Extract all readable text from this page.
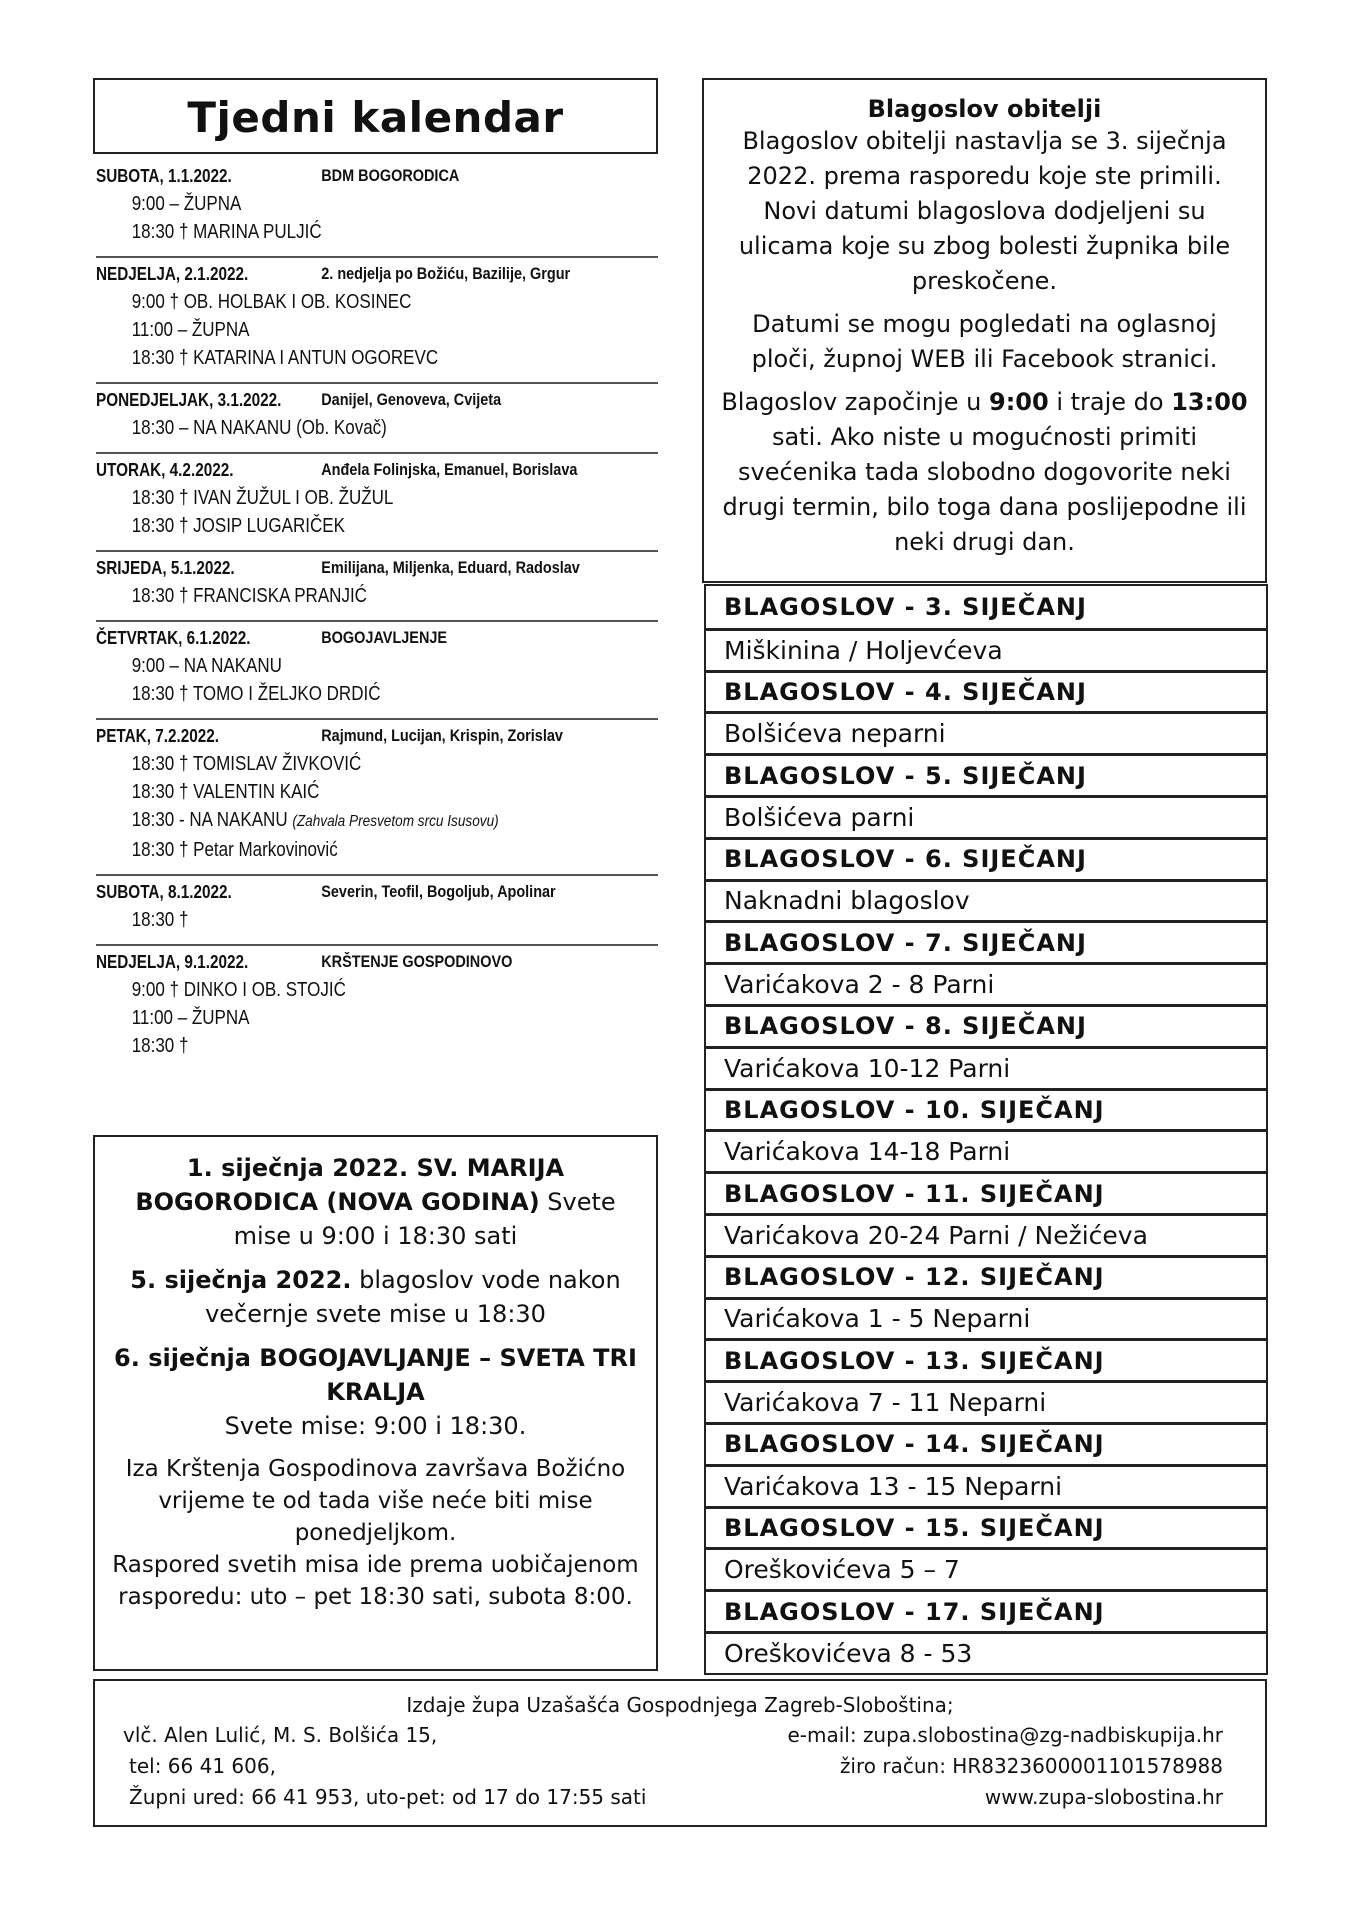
Tjedni kalendar
SUBOTA, 1.1.2022.	BDM BOGORODICA
9:00 – ŽUPNA
18:30 † MARINA PULJIĆ
NEDJELJA, 2.1.2022.	2. nedjelja po Božiću, Bazilije, Grgur
9:00 † OB. HOLBAK I OB. KOSINEC
11:00 – ŽUPNA
18:30 † KATARINA I ANTUN OGOREVC
PONEDJELJAK, 3.1.2022. Danijel, Genoveva, Cvijeta
18:30 – NA NAKANU (Ob. Kovač)
UTORAK, 4.2.2022.	Anđela Folinjska, Emanuel, Borislava
18:30 † IVAN ŽUŽUL I OB. ŽUŽUL
18:30 † JOSIP LUGARIČEK
SRIJEDA, 5.1.2022.	Emilijana, Miljenka, Eduard, Radoslav
18:30 † FRANCISKA PRANJIĆ
ČETVRTAK, 6.1.2022.	BOGOJAVLJENJE
9:00 – NA NAKANU
18:30 † TOMO I ŽELJKO DRDIĆ
PETAK, 7.2.2022.	Rajmund, Lucijan, Krispin, Zorislav
18:30 † TOMISLAV ŽIVKOVIĆ
18:30 † VALENTIN KAIĆ
18:30 - NA NAKANU (Zahvala Presvetom srcu Isusovu)
18:30 † Petar Markovinović
SUBOTA, 8.1.2022.	Severin, Teofil, Bogoljub, Apolinar
18:30 †
NEDJELJA, 9.1.2022.	KRŠTENJE GOSPODINOVO
9:00 † DINKO I OB. STOJIĆ
11:00 – ŽUPNA
18:30 †

1. siječnja 2022. SV. MARIJA BOGORODICA (NOVA GODINA) Svete mise u 9:00 i 18:30 sati

5. siječnja 2022. blagoslov vode nakon večernje svete mise u 18:30

6. siječnja BOGOJAVLJANJE – SVETA TRI KRALJA

Svete mise: 9:00 i 18:30.

Iza Krštenja Gospodinova završava Božićno vrijeme te od tada više neće biti mise ponedjeljkom.

Raspored svetih misa ide prema uobičajenom rasporedu: uto – pet 18:30 sati, subota 8:00.

Blagoslov obitelji

Blagoslov obitelji nastavlja se 3. siječnja 2022. prema rasporedu koje ste primili. Novi datumi blagoslova dodjeljeni su ulicama koje su zbog bolesti župnika bile preskočene.

Datumi se mogu pogledati na oglasnoj ploči, župnoj WEB ili Facebook stranici.

Blagoslov započinje u 9:00 i traje do 13:00 sati. Ako niste u mogućnosti primiti svećenika tada slobodno dogovorite neki drugi termin, bilo toga dana poslijepodne ili neki drugi dan.

BLAGOSLOV - 3. SIJEČANJ
Miškinina / Holjevćeva
BLAGOSLOV - 4. SIJEČANJ
Bolšićeva neparni
BLAGOSLOV - 5. SIJEČANJ
Bolšićeva parni
BLAGOSLOV - 6. SIJEČANJ
Naknadni blagoslov
BLAGOSLOV - 7. SIJEČANJ
Varićakova 2 - 8 Parni
BLAGOSLOV - 8. SIJEČANJ
Varićakova 10-12 Parni
BLAGOSLOV - 10. SIJEČANJ
Varićakova 14-18 Parni
BLAGOSLOV - 11. SIJEČANJ
Varićakova 20-24 Parni / Nežićeva
BLAGOSLOV - 12. SIJEČANJ
Varićakova 1 - 5 Neparni
BLAGOSLOV - 13. SIJEČANJ
Varićakova 7 - 11 Neparni
BLAGOSLOV - 14. SIJEČANJ
Varićakova 13 - 15 Neparni
BLAGOSLOV - 15. SIJEČANJ
Oreškovićeva 5 – 7
BLAGOSLOV - 17. SIJEČANJ
Oreškovićeva 8 - 53
Izdaje župa Uzašašća Gospodnjega Zagreb-Sloboština;
vlč. Alen Lulić, M. S. Bolšića 15,
tel: 66 41 606,
Župni ured: 66 41 953, uto-pet: od 17 do 17:55 sati
e-mail: zupa.slobostina@zg-nadbiskupija.hr
žiro račun: HR8323600001101578988
www.zupa-slobostina.hr
